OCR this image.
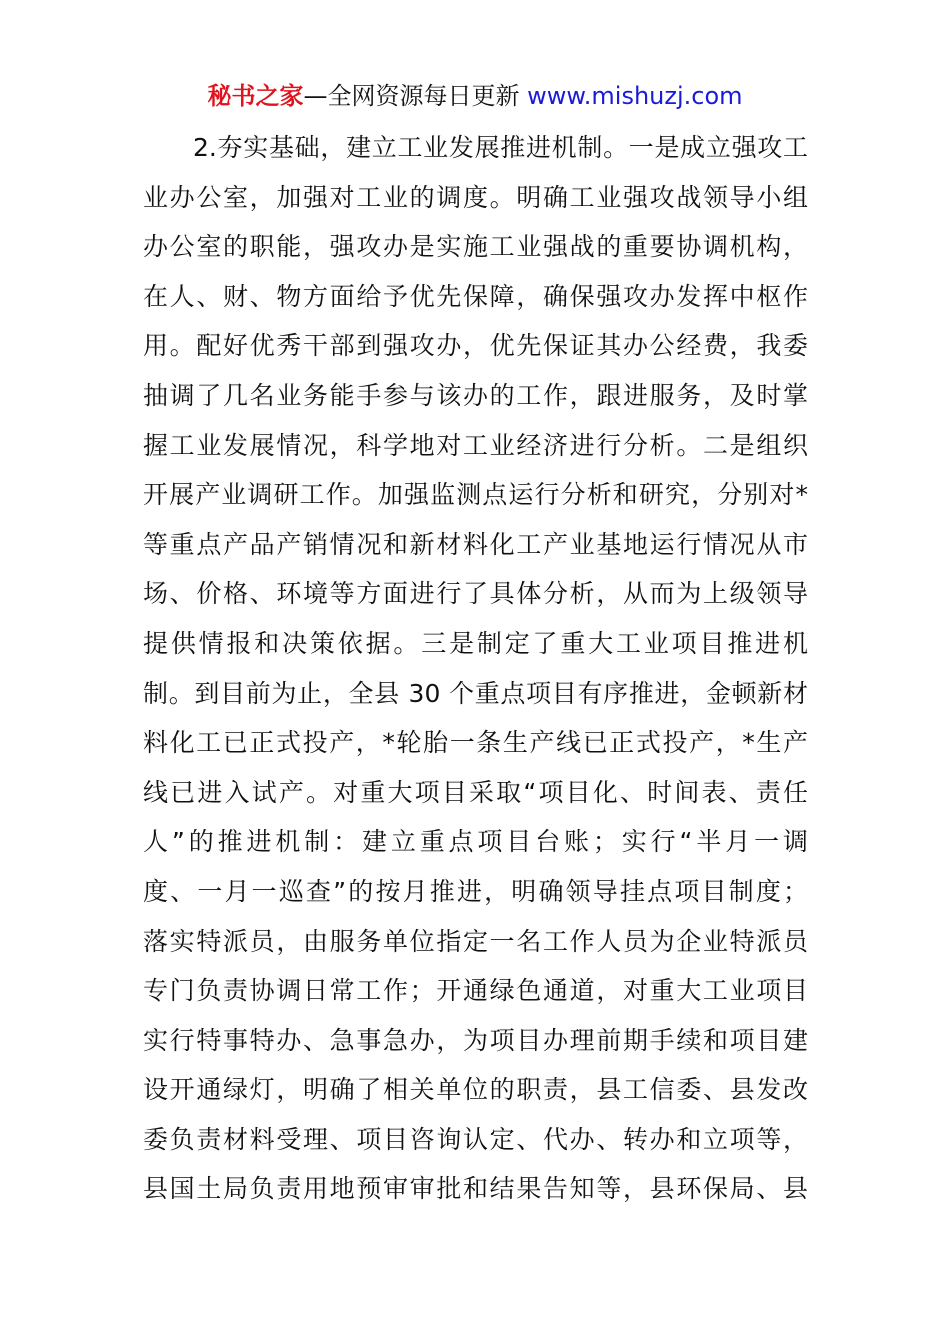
秘书之家—全网资源每日更新 www.mishuzj.com
2.夯实基础，建立工业发展推进机制。一是成立强攻工
业办公室，加强对工业的调度。明确工业强攻战领导小组
办公室的职能，强攻办是实施工业强战的重要协调机构，
在人、财、物方面给予优先保障，确保强攻办发挥中枢作
用。配好优秀干部到强攻办，优先保证其办公经费，我委
抽调了几名业务能手参与该办的工作，跟进服务，及时掌
握工业发展情况，科学地对工业经济进行分析。二是组织
开展产业调研工作。加强监测点运行分析和研究，分别对*
等重点产品产销情况和新材料化工产业基地运行情况从市
场、价格、环境等方面进行了具体分析，从而为上级领导
提供情报和决策依据。三是制定了重大工业项目推进机
制。到目前为止，全县 30 个重点项目有序推进，金顿新材
料化工已正式投产，*轮胎一条生产线已正式投产，*生产
线已进入试产。对重大项目采取“项目化、时间表、责任
人”的推进机制：建立重点项目台账；实行“半月一调
度、一月一巡查”的按月推进，明确领导挂点项目制度；
落实特派员，由服务单位指定一名工作人员为企业特派员
专门负责协调日常工作；开通绿色通道，对重大工业项目
实行特事特办、急事急办，为项目办理前期手续和项目建
设开通绿灯，明确了相关单位的职责，县工信委、县发改
委负责材料受理、项目咨询认定、代办、转办和立项等，
县国土局负责用地预审审批和结果告知等，县环保局、县
